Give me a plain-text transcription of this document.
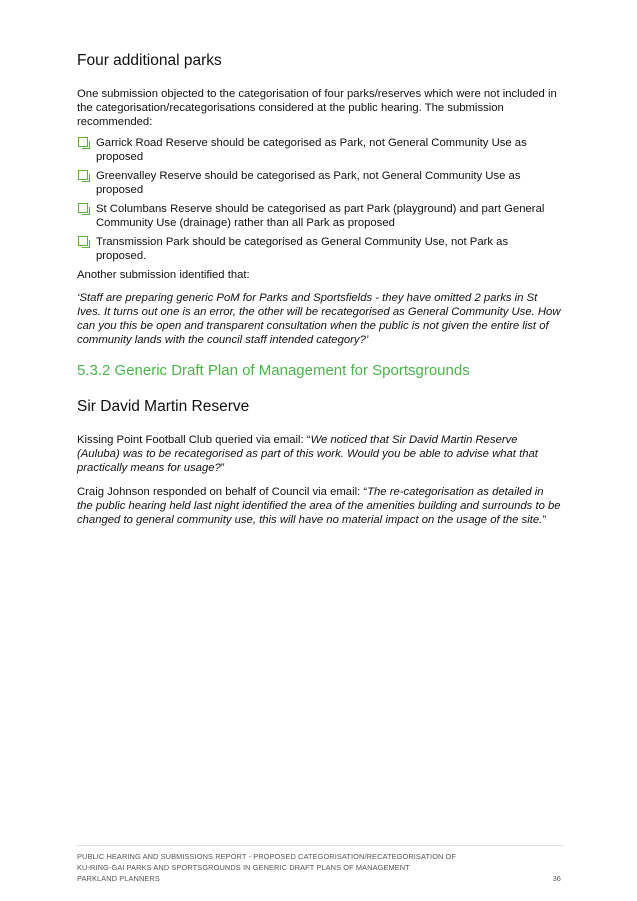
Four additional parks

One submission objected to the categorisation of four parks/reserves which were not included in the categorisation/recategorisations considered at the public hearing. The submission recommended:

Garrick Road Reserve should be categorised as Park, not General Community Use as proposed
Greenvalley Reserve should be categorised as Park, not General Community Use as proposed
St Columbans Reserve should be categorised as part Park (playground) and part General Community Use (drainage) rather than all Park as proposed
Transmission Park should be categorised as General Community Use, not Park as proposed.

Another submission identified that:

‘Staff are preparing generic PoM for Parks and Sportsfields - they have omitted 2 parks in St Ives. It turns out one is an error, the other will be recategorised as General Community Use. How can you this be open and transparent consultation when the public is not given the entire list of community lands with the council staff intended category?’

5.3.2 Generic Draft Plan of Management for Sportsgrounds
Sir David Martin Reserve

Kissing Point Football Club queried via email: “We noticed that Sir David Martin Reserve (Auluba) was to be recategorised as part of this work. Would you be able to advise what that practically means for usage?”

Craig Johnson responded on behalf of Council via email: “The re-categorisation as detailed in the public hearing held last night identified the area of the amenities building and surrounds to be changed to general community use, this will have no material impact on the usage of the site.”

PUBLIC HEARING AND SUBMISSIONS REPORT - PROPOSED CATEGORISATION/RECATEGORISATION OF
KU-RING-GAI PARKS AND SPORTSGROUNDS IN GENERIC DRAFT PLANS OF MANAGEMENT
PARKLAND PLANNERS	36
